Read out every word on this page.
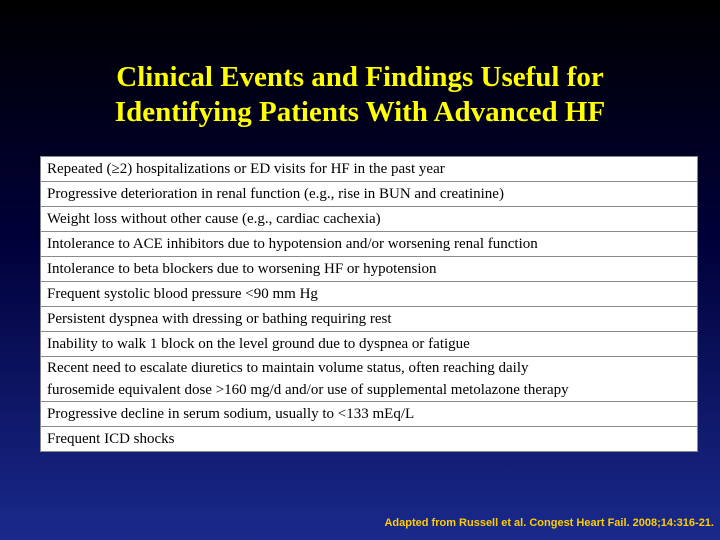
Clinical Events and Findings Useful for
Identifying Patients With Advanced HF
Repeated (≥2) hospitalizations or ED visits for HF in the past year

Progressive deterioration in renal function (e.g., rise in BUN and creatinine)

Weight loss without other cause (e.g., cardiac cachexia)

Intolerance to ACE inhibitors due to hypotension and/or worsening renal function

Intolerance to beta blockers due to worsening HF or hypotension

Frequent systolic blood pressure <90 mm Hg

Persistent dyspnea with dressing or bathing requiring rest

Inability to walk 1 block on the level ground due to dyspnea or fatigue

Recent need to escalate diuretics to maintain volume status, often reaching daily
furosemide equivalent dose >160 mg/d and/or use of supplemental metolazone therapy

Progressive decline in serum sodium, usually to <133 mEq/L

Frequent ICD shocks
Adapted from Russell et al. Congest Heart Fail. 2008;14:316-21.
